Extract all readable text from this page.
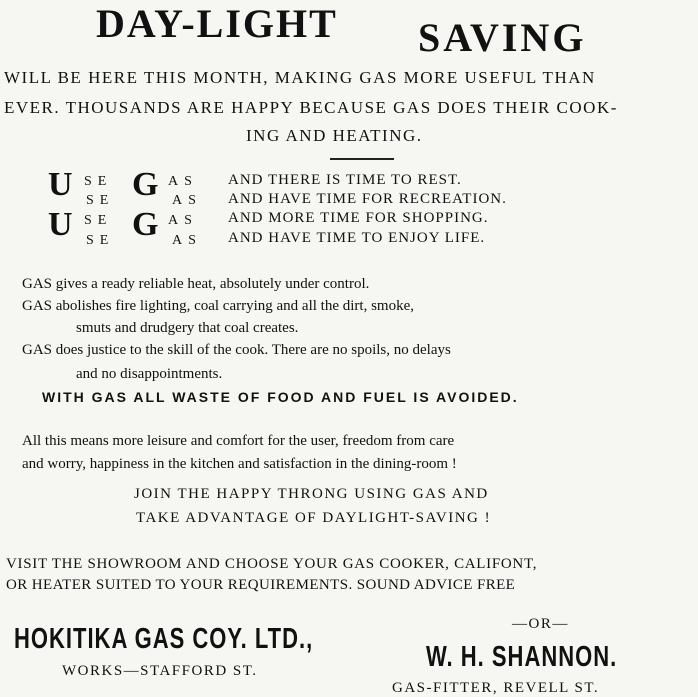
DAY-LIGHT SAVING
WILL BE HERE THIS MONTH, MAKING GAS MORE USEFUL THAN
EVER. THOUSANDS ARE HAPPY BECAUSE GAS DOES THEIR COOK-
ING AND HEATING.
U
U
SE
SE
SE
SE
G
G
AS
AS
AS
AS
AND THERE IS TIME TO REST.
AND HAVE TIME FOR RECREATION.
AND MORE TIME FOR SHOPPING.
AND HAVE TIME TO ENJOY LIFE.
GAS gives a ready reliable heat, absolutely under control.
GAS abolishes fire lighting, coal carrying and all the dirt, smoke,
smuts and drudgery that coal creates.
GAS does justice to the skill of the cook. There are no spoils, no delays
and no disappointments.
WITH GAS ALL WASTE OF FOOD AND FUEL IS AVOIDED.
All this means more leisure and comfort for the user, freedom from care
and worry, happiness in the kitchen and satisfaction in the dining-room !
JOIN THE HAPPY THRONG USING GAS AND
TAKE ADVANTAGE OF DAYLIGHT-SAVING !
VISIT THE SHOWROOM AND CHOOSE YOUR GAS COOKER, CALIFONT,
OR HEATER SUITED TO YOUR REQUIREMENTS. SOUND ADVICE FREE
HOKITIKA GAS COY. LTD.,
WORKS—STAFFORD ST.
—OR—
W. H. SHANNON.
GAS-FITTER, REVELL ST.
